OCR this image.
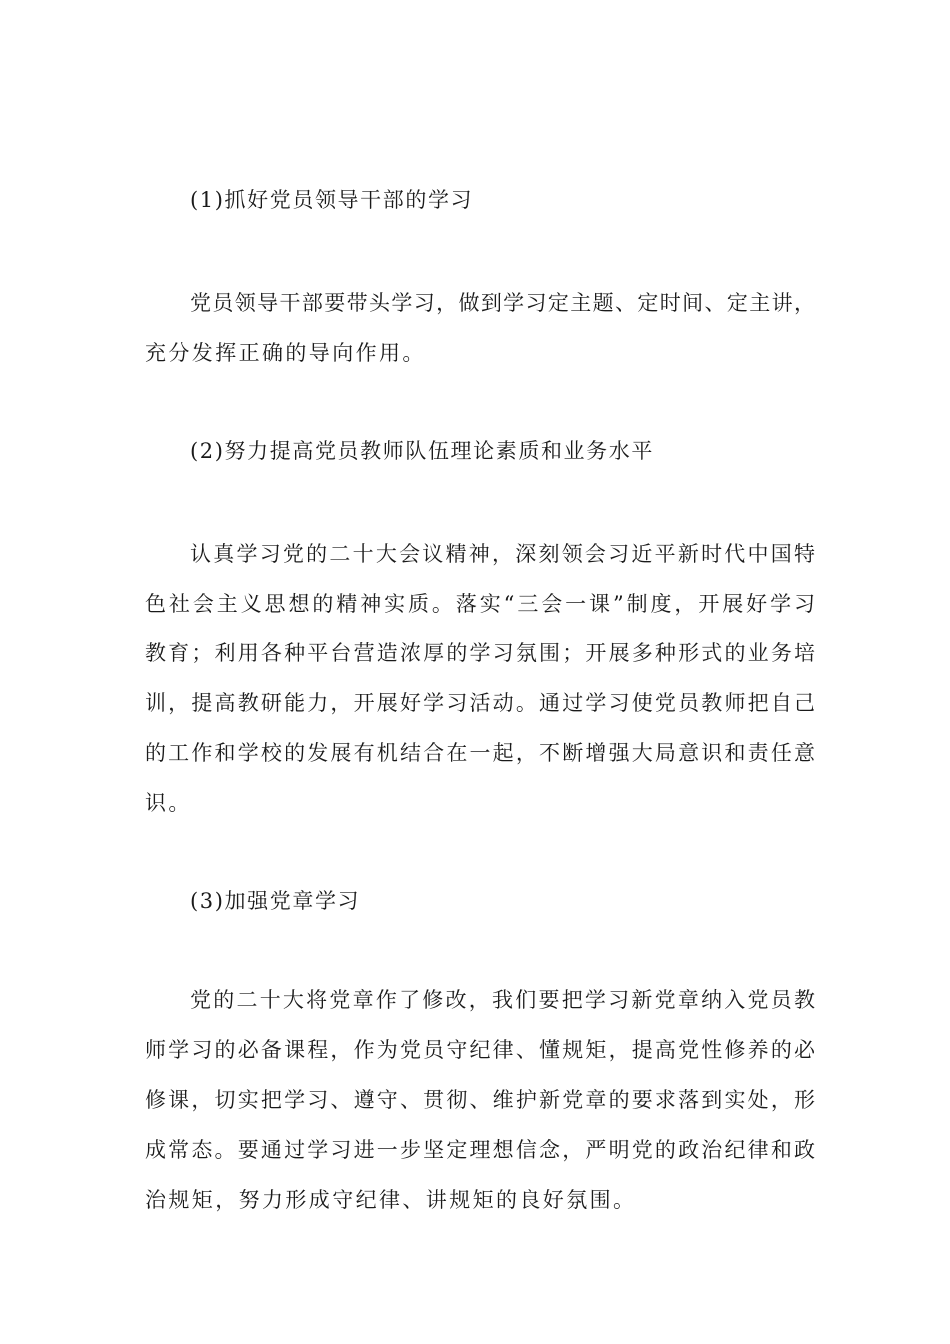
(1)抓好党员领导干部的学习
党员领导干部要带头学习，做到学习定主题、定时间、定主讲，
充分发挥正确的导向作用。
(2)努力提高党员教师队伍理论素质和业务水平
认真学习党的二十大会议精神，深刻领会习近平新时代中国特
色社会主义思想的精神实质。落实“三会一课”制度，开展好学习
教育；利用各种平台营造浓厚的学习氛围；开展多种形式的业务培
训，提高教研能力，开展好学习活动。通过学习使党员教师把自己
的工作和学校的发展有机结合在一起，不断增强大局意识和责任意
识。
(3)加强党章学习
党的二十大将党章作了修改，我们要把学习新党章纳入党员教
师学习的必备课程，作为党员守纪律、懂规矩，提高党性修养的必
修课，切实把学习、遵守、贯彻、维护新党章的要求落到实处，形
成常态。要通过学习进一步坚定理想信念，严明党的政治纪律和政
治规矩，努力形成守纪律、讲规矩的良好氛围。
